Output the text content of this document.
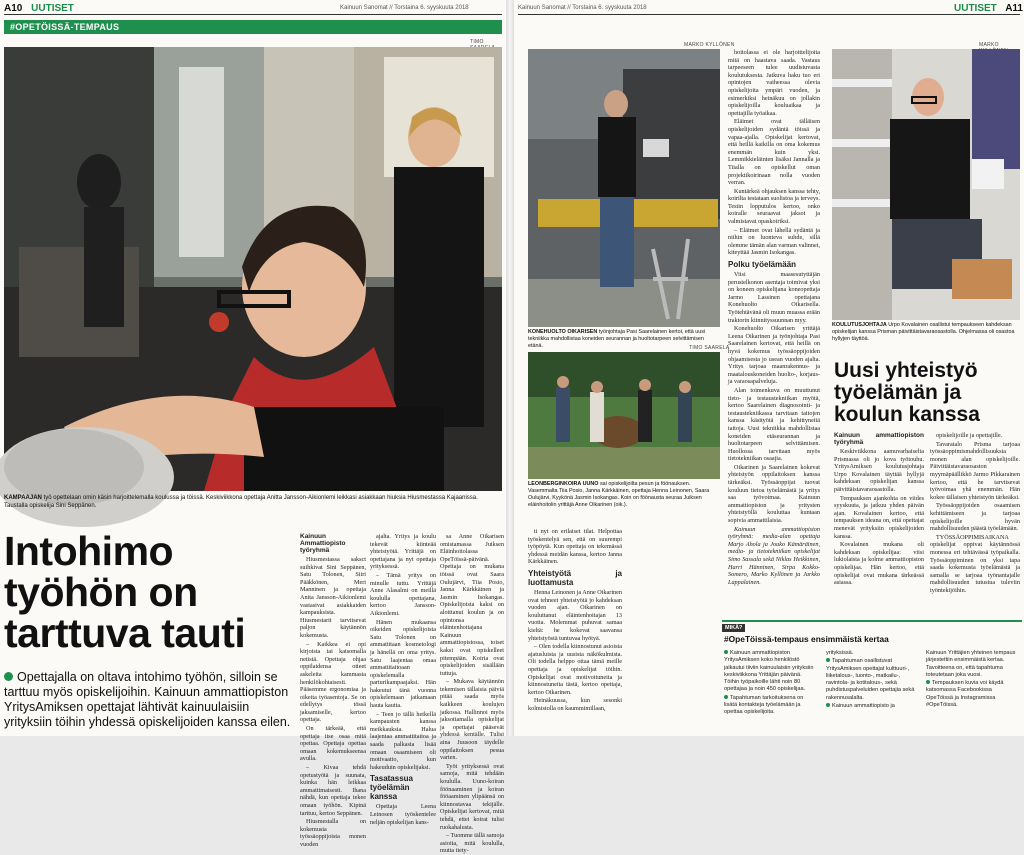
A10 UUTISET	Kainuun Sanomat // Torstaina 6. syyskuuta 2018
#OPETÖISSÄ-TEMPAUS
TIMO
KAMPAAJAN työ opettelaan omin käsin harjoittelemalla koulussa ja töissä. Keskiviikkona opettaja Anitta Jansson-Aikionlemi leikkasi asiakkaan hiuksia Hiusmestassa Kajaanissa. Taustalla opiskelija Sini Seppänen.
Intohimo
työhön on
tarttuva tauti
Opettajalla on oltava intohimo työhön, silloin se tarttuu myös opiskelijoihin. Kainuun ammattiopiston YritysAmiksen opettajat lähtivät kainuulaisiin yrityksiin töihin yhdessä opiskelijoiden kanssa eilen.

Kainuun Ammattiopisto työryhmä

Hiusmestassa saksct suihkivat Sini Seppänen, Satu Tolonen, Siiri Pääkkönen, Meri Manninen ja opettaja Anita Jansson-Aikionlemi vastasivat asiakkaiden kampauksista. Hiusmestarit tarvitsevat paljon käytännön kokemusta.

– Kaikkea ei opi kirjoista tai katsomalla netistä. Opettaja ohjaa oppilaidensa otteet askeleita kammasta henkilökohtaisesti. Pääsemme ergonomiaa ja oikeita työasentoja. Se on edellytys tössä jaksamiselle, kertoo opettaja.

On tärkeää, että opettaja itse osaa mitä opettaa. Opettaja opettaa omaan kokemukseensa avulla.

– Kivaa tehdä opetustyötä ja suunata, kuinka hän leikkaa ammattimaisesti. Ihana nähdä, kun opettaja tekee omaan työhön. Kipinä tarttuu, kertoo Seppänen.

Hiusmestalla on kokemusta työssäoppijoista monen vuoden

ajalta. Yritys ja koulu tekevät kiinteää yhteistyötä. Yrittäjä on opettajana ja nyt opettaja yrityksessä.

– Tämä yritys on minulle tuttu. Yrittäjä Anne Alasalmi on meillä koululla opettajana, kertoo Jansson-Aikionlemi.

Hänen mukaansa oikeiden opiskelijoista Satu Tolonen on ammattitaan kosmetologi ja hänellä on oma yritys. Satu laajentaa omaa ammattitaitoaan opiskelemalla parturikampaajaksi. Hän hakeutui tänä vuonna opiskelemaan jatkamaan hauta kautta.

– Teen jo tällä hetkellä kampausten kanssa meikkauksia. Halua laajentaa ammattitaitoa ja saada palkasta lisää omaan osaamiseen oli motivaatio, kun hakeuduin opiskelijaksi.

Tasatassua työelämän kanssa

Opettaja Leena Leinosen työskentelee neljän opiskelijan kans-

sa Anne Oikarisen omistamassa Juiksen Eläinhoitolassa OpeTöissä-päivänä. Opettaja on mukana töissä ovat Saara Oulujärvi, Tiia Posio, Janna Kärkkäinen ja Jasmin Isokangas. Opiskelijoista kaksi on aloittanut koulun ja on opintonsa eläintenhoitajana Kainuun ammattiopistossa, toiset kaksi ovat opiskelleet pitempään. Koiria ovat opiskelijoiden sisällään tuttuja.

– Mukava käytännön tekemisen tällaisia päiviä pitää saada myös kaikkeen koulujen jatkossa. Hallinnoi myös jaksottamalla opiskelijat ja opettajat pääsevät yhdessä kentälle. Tulisi aina Juusoon täydelle oppilaitoksen pesua varten.

Työt yrityksessä ovat samoja, mitä tehdään koululla. Uuno-koiran föönaaminen ja koiran fööaaminen ylipäänsä on kiinnostavaa tekijälle. Opiskelijat kertovat, mitä tehdä, ettei koirat tulisi ruokahalusta.

– Tuomme tällä samoja asioita, mitä koululla, mutta tiety-

Kainuun Sanomat // Torstaina 6. syyskuuta 2018	UUTISET A11
MARKO KYLLÖNEN
KONEHUOLTO OIKARISEN työnjohtaja Pasi Saarelainen kertoi, että uusi tekniikka mahdollistaa koneiden seurannan ja huoltotarpeen selvittämisen etänä.	TIMO SAARELA
LEONBERGINKOIRA UUNO sai opiskelijoilta pesun ja föönauksen. Vasemmalta Tiia Posio, Janna Kärkkäinen, opettaja Henna Leinonen, Saara Oulujärvi, Kyykönä Jasmin Isokangas. Koin on föönausta seuraa Juiksen eläinhoitolin yrittäjä Anne Oikarinen (oik.).

ti nyt on erilaiset tilat. Helpottaa työskentelyä sen, että on suurempi työpöytä. Kun opettaja on tekemässä yhdessä meidän kanssa, kertoo Janna Kärkkäinen.

Yhteistyötä ja luottamusta

Henna Leinonen ja Anne Oikarinen ovat tehneet yhteistyötä jo kahdeksan vuoden ajan. Oikarinen on kouluttanut eläintenhoitajan 13 vuotta. Molemmat puhuvat samaa kieltä: he kokevat saavansa yhteistyöstä tuntuvaa hyötyä.

– Olen todella kiinnostunut asioista ajatusluista ja uusista näkökulmista. Oli todella helppo ottaa tämä meille opettaja ja opiskelijat töihin. Opiskelijat ovat motivoituneita ja kiinnostuneita tästä, kertoo opettaja, kertoo Oikarinen.

Heinäkuussa, kun sesonki kolmistolla on kaummimillaan,

hoitolassa ei ole harjoittelijoita mitä on haastava saada. Vastaus tarpeeseen tulee uudistuvasta koulutuksesta. Jatkuva haku tuo eri opintojen vaiheessa olevia opiskelijoita ympäri vuoden, ja esimerkiksi heinäkuu on jollakin opiskelijoilla kouluaikaa ja opettajilla työaikaa.

Eläimet ovat tälläisen opiskelijoiden sydäntä töissä ja vapaa-ajalla. Opiskelijat kertovat, että heillä kaikilla on oma kokemus enemmän kuin yksi. Lemmikkieläinten lisäksi Jannalla ja Tiialla on opiskellut oman projektikoirinaan nolla vuoden verran.

Kuntärkeä ohjauksen kanssa tehty, koirilta testataan suolistoa ja terveys. Testin lopputulos kertoo, onko koiralle seuraavat jaksot ja valmistavat opaskoiriksi.

– Eläimet ovat lähellä sydäntä ja niihin on luonteva suhde, sillä olemme tämän alan varman valinnet, kiteyttää Jasmin Isokangas.

Polku työelämään

Viisi maasesutyttäjän perustelkonon asentaja toimivat yksi on koneen opiskelijana koneopettaja Jarmo Lassinen opettajana Konehuolto Oikarisella. Työtehtävänä oli muun muassa erään traktorin kiinnityssuunnan myy.

Konehuolto Oikarisen yrittäjä Leena Oikarinen ja työnjohtaja Pasi Saarelainen kertovat, että heillä on hyvä kokemus työssäoppijoiden ohjaamisesta jo usean vuoden ajalta. Yritys tarjoaa maanrakennus- ja maatalouskoneiden huolto-, korjaus- ja varaosapalveluja.

Alan toimenkuva on muuttunut tieto- ja testaustekniikan myötä, kertoo Saarelainen diagnosointi- ja testaustekniikassa tarvitaan taitojen kanssa käsityötä ja kehittyneitä taitoja. Uusi tekniikka mahdollistaa koneiden etäseurannan ja huoltotarpeen selvittämisen. Huollossa tarvitaan myös tietotekniikan osaajia.

Oikarinen ja Saarelainen kokevat yhteistyön oppilaitoksen kanssa tärkeäksi. Työssäoppijat tuovat kouluun tietoa työelämästä ja yritys saa työvoimaa. Kainuun ammattiopiston ja yritysten yhteistyöllä kouluttaa kuntaan sopivia ammattilaisia.

Kainuun ammattiopiston työryhmä: media-alan opettaja Marjo Ahola ja Jouko Kämäräinen, media- ja tietotekniikan opiskelijat Simo Sassala sekä Niklas Heikkinen, Harri Hänninen, Sirpa Kokko-Somero, Marko Kyllönen ja Jarkko Lappalainen.

MARKO
KOULUTUSJOHTAJA Urpo Kovalainen osallistui tempaukseen kahdeksan opiskelijan kanssa Prisman päivittäistavaraosastolla. Ohjelmassa oli osastoa hyllyjen täyttöä.
Uusi yhteistyö
työelämän ja
koulun kanssa

Kainuun ammattiopiston työryhmä

Keskiviikkona aamuvarhaiselta Prismassa oli jo kova työtouhu. YritysAmiksen koulutusjohtaja Urpo Kovalainen täyttää hyllyjä kahdeksan opiskelijan kanssa päivittäistavaraosastolla.

Tempauksen ajankohta on viides syyskuuta, ja jatkuu yhden päivän ajan. Kovalainen kertoo, että tempauksen ideana on, että opettajat menevät yrityksiin opiskelijoiden kanssa.

Kovalainen mukana oli kahdeksan opiskelijaa: viisi lukiolaista ja kolme ammattiopiston opiskelijaa. Hän kertoo, että opiskelijat ovat mukana tärkeässä asiassa.

opiskelijoille ja opettajille.

Tavaratalo Prisma tarjoaa työssäoppimismahdollisuuksia monen alan opiskelijoille. Päivittäistavaraosaston myymäpäällikkö Jarmo Pikkarainen kertoo, että he tarvitsevat työvoimaa yhä enemmän. Hän kokee tällaisen yhteistyön tärkeäksi.

Työssäoppijoiden osaamisen kehittämiseen ja tarjoaa opiskelijoille hyvän mahdollisuuden päästä työelämään.

TYÖSSÄOPPIMISAIKANA opiskelijat oppivat käytännössä monessa eri tehtävässä työpaikalla. Työssäoppiminen on yksi tapa saada kokemusta työelämästä ja samalla se tarjoaa työnantajalle mahdollisuuden tutustua tuleviin työntekijöihin.

MIKÄ?
#OpeTöissä-tempaus ensimmäistä kertaa
Kainuun ammattiopiston YritysAmiksen koko henkilöstö jalkautui tiiviin kainuulaisiin yrityksiin keskiviikkona Yrittäjän päivänä. Töihin työpaikoille lähti noin 80 opettajaa ja noin 450 opiskelijaa.
Tapahtuman tarkoituksena on lisätä kontakteja työelämään ja opettaa opiskelijoita.
yrityksissä.
Tapahtuman osallistuvat YritysAmiksen opettajat kulttuuri-, liiketalous-, luonto-, matkailu-, ravintola- ja kotitalous-, sekä puhdistuspalveluiden opettajia sekä rakennusalalta.
Kainuun ammattiopisto ja
Kainuun Yrittäjien yhteinen tempaus järjestettiin ensimmäistä kertaa. Tavoitteena on, että tapahtuma toteutetaan joka vuosi.
Tempauksen kuvia voi käydä katsomassa Facebookissa OpeTöissä ja Instagramissa #OpeTöissä.
